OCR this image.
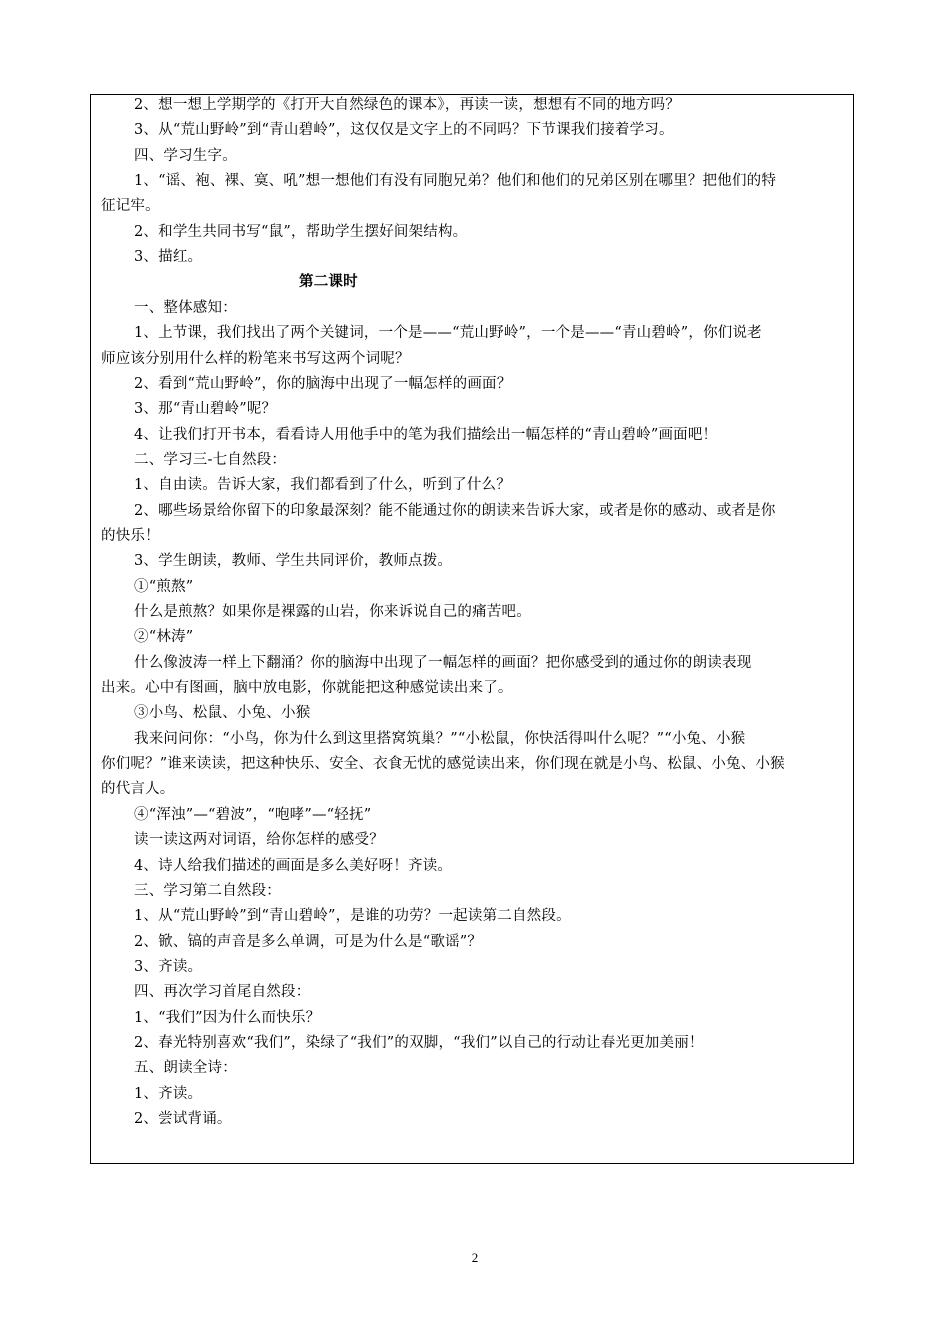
2、想一想上学期学的《打开大自然绿色的课本》，再读一读，想想有不同的地方吗？
3、从“荒山野岭”到“青山碧岭”，这仅仅是文字上的不同吗？下节课我们接着学习。
四、学习生字。
1、“谣、袍、裸、寞、吼”想一想他们有没有同胞兄弟？他们和他们的兄弟区别在哪里？把他们的特
征记牢。
2、和学生共同书写“鼠”，帮助学生摆好间架结构。
3、描红。
第二课时
一、整体感知：
1、上节课，我们找出了两个关键词，一个是——“荒山野岭”，一个是——“青山碧岭”，你们说老
师应该分别用什么样的粉笔来书写这两个词呢？
2、看到“荒山野岭”，你的脑海中出现了一幅怎样的画面？
3、那“青山碧岭”呢？
4、让我们打开书本，看看诗人用他手中的笔为我们描绘出一幅怎样的“青山碧岭”画面吧！
二、学习三-七自然段：
1、自由读。告诉大家，我们都看到了什么，听到了什么？
2、哪些场景给你留下的印象最深刻？能不能通过你的朗读来告诉大家，或者是你的感动、或者是你
的快乐！
3、学生朗读，教师、学生共同评价，教师点拨。
①“煎熬”
什么是煎熬？如果你是裸露的山岩，你来诉说自己的痛苦吧。
②“林涛”
什么像波涛一样上下翻涌？你的脑海中出现了一幅怎样的画面？把你感受到的通过你的朗读表现
出来。心中有图画，脑中放电影，你就能把这种感觉读出来了。
③小鸟、松鼠、小兔、小猴
我来问问你：“小鸟，你为什么到这里搭窝筑巢？”“小松鼠，你快活得叫什么呢？”“小兔、小猴
你们呢？”谁来读读，把这种快乐、安全、衣食无忧的感觉读出来，你们现在就是小鸟、松鼠、小兔、小猴
的代言人。
④“浑浊”—“碧波”，“咆哮”—“轻抚”
读一读这两对词语，给你怎样的感受？
4、诗人给我们描述的画面是多么美好呀！齐读。
三、学习第二自然段：
1、从“荒山野岭”到“青山碧岭”，是谁的功劳？一起读第二自然段。
2、锨、镐的声音是多么单调，可是为什么是“歌谣”？
3、齐读。
四、再次学习首尾自然段：
1、“我们”因为什么而快乐？
2、春光特别喜欢“我们”，染绿了“我们”的双脚，“我们”以自己的行动让春光更加美丽！
五、朗读全诗：
1、齐读。
2、尝试背诵。
2
